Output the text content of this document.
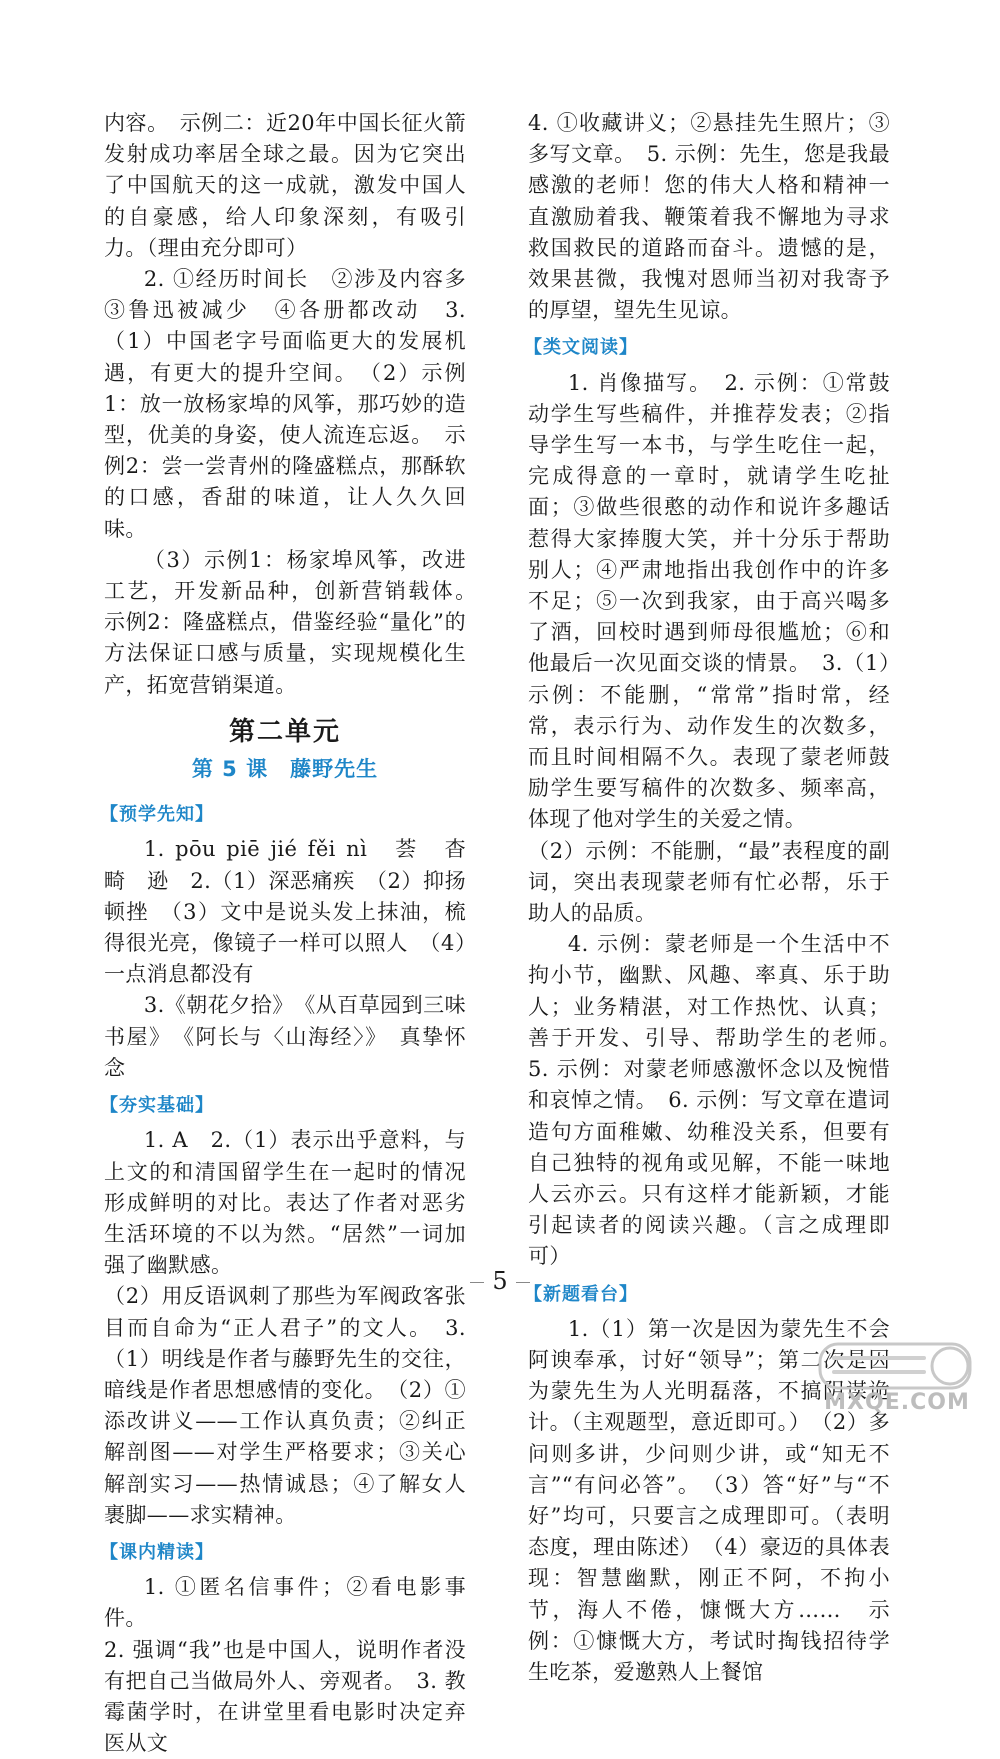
内容。　示例二：近20年中国长征火箭发射成功率居全球之最。因为它突出了中国航天的这一成就，激发中国人的自豪感，给人印象深刻，有吸引力。（理由充分即可）

2. ①经历时间长　②涉及内容多　③鲁迅被减少　④各册都改动　3.（1）中国老字号面临更大的发展机遇，有更大的提升空间。　（2）示例1：放一放杨家埠的风筝，那巧妙的造型，优美的身姿，使人流连忘返。　示例2：尝一尝青州的隆盛糕点，那酥软的口感，香甜的味道，让人久久回味。

（3）示例1：杨家埠风筝，改进工艺，开发新品种，创新营销载体。　示例2：隆盛糕点，借鉴经验“量化”的方法保证口感与质量，实现规模化生产，拓宽营销渠道。

第二单元
第 5 课　藤野先生
【预学先知】

1. pōu piē jié fěi nì　荟　杳　畸　逊　2.（1）深恶痛疾　（2）抑扬顿挫　（3）文中是说头发上抹油，梳得很光亮，像镜子一样可以照人　（4）一点消息都没有

3.《朝花夕拾》　《从百草园到三味书屋》　《阿长与〈山海经〉》　真挚怀念

【夯实基础】

1. A　2.（1）表示出乎意料，与上文的和清国留学生在一起时的情况形成鲜明的对比。表达了作者对恶劣生活环境的不以为然。“居然”一词加强了幽默感。

（2）用反语讽刺了那些为军阀政客张目而自命为“正人君子”的文人。　3.（1）明线是作者与藤野先生的交往，暗线是作者思想感情的变化。　（2）①添改讲义——工作认真负责；②纠正解剖图——对学生严格要求；③关心解剖实习——热情诚恳；④了解女人裹脚——求实精神。

【课内精读】

1. ①匿名信事件；②看电影事件。

2. 强调“我”也是中国人，说明作者没有把自己当做局外人、旁观者。　3. 教霉菌学时，在讲堂里看电影时决定弃医从文

4. ①收藏讲义；②悬挂先生照片；③多写文章。　5. 示例：先生，您是我最感激的老师！您的伟大人格和精神一直激励着我、鞭策着我不懈地为寻求救国救民的道路而奋斗。遗憾的是，效果甚微，我愧对恩师当初对我寄予的厚望，望先生见谅。

【类文阅读】

1. 肖像描写。　2. 示例：①常鼓动学生写些稿件，并推荐发表；②指导学生写一本书，与学生吃住一起，完成得意的一章时，就请学生吃扯面；③做些很憨的动作和说许多趣话惹得大家捧腹大笑，并十分乐于帮助别人；④严肃地指出我创作中的许多不足；⑤一次到我家，由于高兴喝多了酒，回校时遇到师母很尴尬；⑥和他最后一次见面交谈的情景。　3.（1）示例：不能删，“常常”指时常，经常，表示行为、动作发生的次数多，而且时间相隔不久。表现了蒙老师鼓励学生要写稿件的次数多、频率高，体现了他对学生的关爱之情。

（2）示例：不能删，“最”表程度的副词，突出表现蒙老师有忙必帮，乐于助人的品质。

4. 示例：蒙老师是一个生活中不拘小节，幽默、风趣、率真、乐于助人；业务精湛，对工作热忱、认真；善于开发、引导、帮助学生的老师。　5. 示例：对蒙老师感激怀念以及惋惜和哀悼之情。　6. 示例：写文章在遣词造句方面稚嫩、幼稚没关系，但要有自己独特的视角或见解，不能一味地人云亦云。只有这样才能新颖，才能引起读者的阅读兴趣。（言之成理即可）

【新题看台】

1.（1）第一次是因为蒙先生不会阿谀奉承，讨好“领导”；第二次是因为蒙先生为人光明磊落，不搞阴谋诡计。（主观题型，意近即可。）　（2）多问则多讲，少问则少讲，或“知无不言”“有问必答”。　（3）答“好”与“不好”均可，只要言之成理即可。（表明态度，理由陈述）　（4）豪迈的具体表现：智慧幽默，刚正不阿，不拘小节，海人不倦，慷慨大方……　示例：①慷慨大方，考试时掏钱招待学生吃茶，爱邀熟人上餐馆

5
MXQE.COM
